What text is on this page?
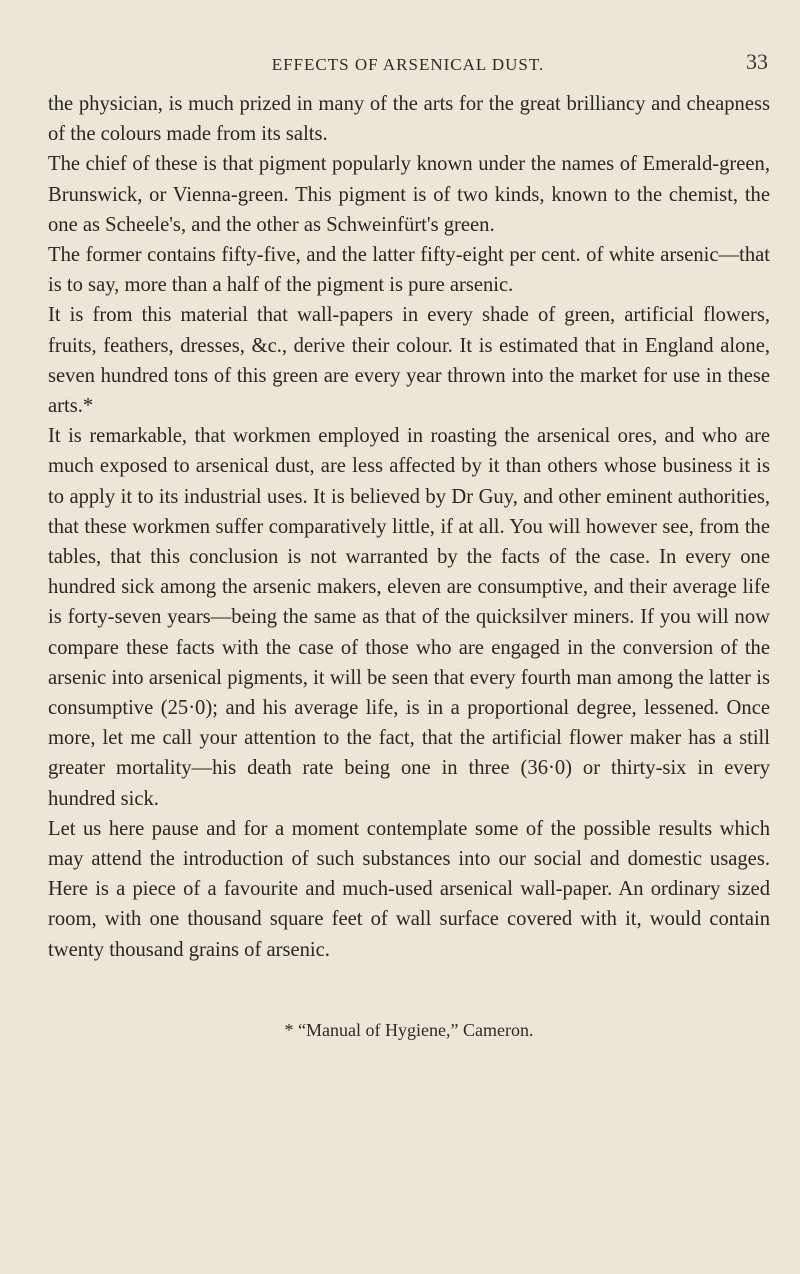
EFFECTS OF ARSENICAL DUST.	33

the physician, is much prized in many of the arts for the great brilliancy and cheapness of the colours made from its salts.

The chief of these is that pigment popularly known under the names of Emerald-green, Brunswick, or Vienna-green. This pigment is of two kinds, known to the chemist, the one as Scheele's, and the other as Schweinfürt's green.

The former contains fifty-five, and the latter fifty-eight per cent. of white arsenic—that is to say, more than a half of the pigment is pure arsenic.

It is from this material that wall-papers in every shade of green, artificial flowers, fruits, feathers, dresses, &c., derive their colour. It is estimated that in England alone, seven hundred tons of this green are every year thrown into the market for use in these arts.*

It is remarkable, that workmen employed in roasting the arsenical ores, and who are much exposed to arsenical dust, are less affected by it than others whose business it is to apply it to its industrial uses. It is believed by Dr Guy, and other eminent authorities, that these workmen suffer comparatively little, if at all. You will however see, from the tables, that this conclusion is not warranted by the facts of the case. In every one hundred sick among the arsenic makers, eleven are consumptive, and their average life is forty-seven years—being the same as that of the quicksilver miners. If you will now compare these facts with the case of those who are engaged in the conversion of the arsenic into arsenical pigments, it will be seen that every fourth man among the latter is consumptive (25·0); and his average life, is in a proportional degree, lessened. Once more, let me call your attention to the fact, that the artificial flower maker has a still greater mortality—his death rate being one in three (36·0) or thirty-six in every hundred sick.

Let us here pause and for a moment contemplate some of the possible results which may attend the introduction of such substances into our social and domestic usages. Here is a piece of a favourite and much-used arsenical wall-paper. An ordinary sized room, with one thousand square feet of wall surface covered with it, would contain twenty thousand grains of arsenic.

* “Manual of Hygiene,” Cameron.
